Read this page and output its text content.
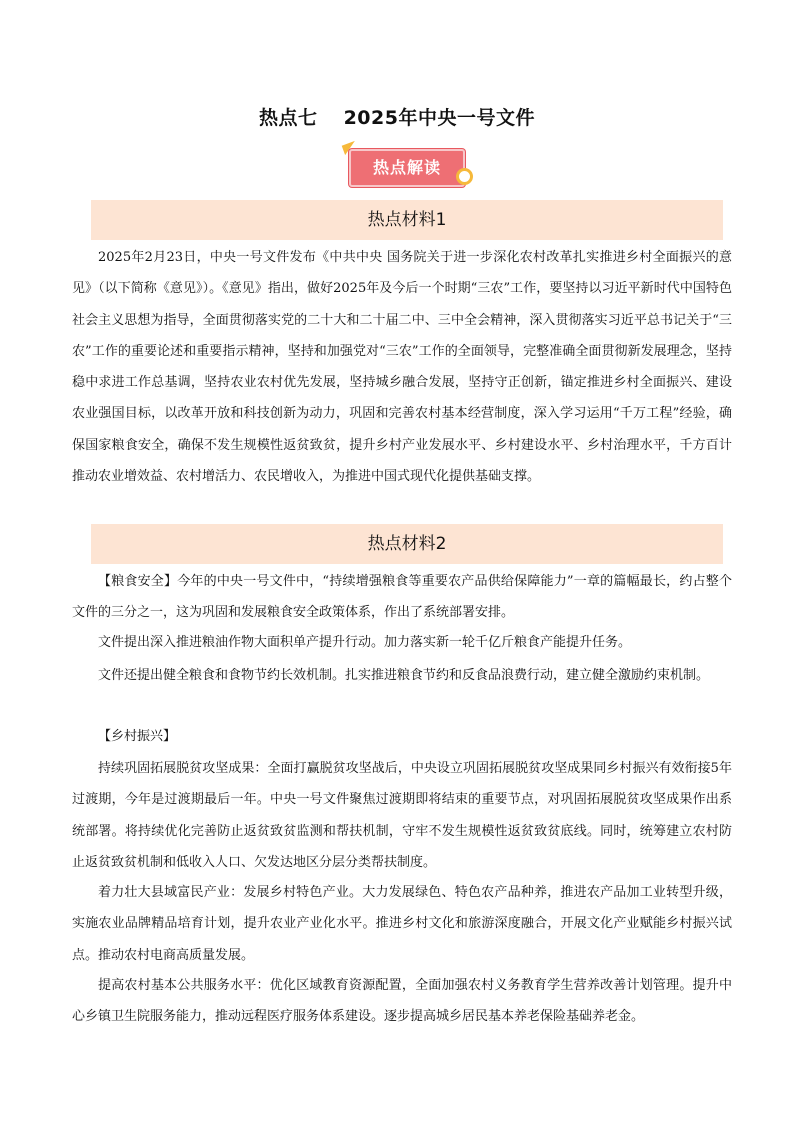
热点七 2025年中央一号文件
热点解读
热点材料1
2025年2月23日，中央一号文件发布《中共中央 国务院关于进一步深化农村改革扎实推进乡村全面振兴的意见》（以下简称《意见》）。《意见》指出，做好2025年及今后一个时期“三农”工作，要坚持以习近平新时代中国特色社会主义思想为指导，全面贯彻落实党的二十大和二十届二中、三中全会精神，深入贯彻落实习近平总书记关于“三农”工作的重要论述和重要指示精神，坚持和加强党对“三农”工作的全面领导，完整准确全面贯彻新发展理念，坚持稳中求进工作总基调，坚持农业农村优先发展，坚持城乡融合发展，坚持守正创新，锚定推进乡村全面振兴、建设农业强国目标，以改革开放和科技创新为动力，巩固和完善农村基本经营制度，深入学习运用“千万工程”经验，确保国家粮食安全，确保不发生规模性返贫致贫，提升乡村产业发展水平、乡村建设水平、乡村治理水平，千方百计推动农业增效益、农村增活力、农民增收入，为推进中国式现代化提供基础支撑。
热点材料2
【粮食安全】今年的中央一号文件中，“持续增强粮食等重要农产品供给保障能力”一章的篇幅最长，约占整个文件的三分之一，这为巩固和发展粮食安全政策体系，作出了系统部署安排。
文件提出深入推进粮油作物大面积单产提升行动。加力落实新一轮千亿斤粮食产能提升任务。
文件还提出健全粮食和食物节约长效机制。扎实推进粮食节约和反食品浪费行动，建立健全激励约束机制。
【乡村振兴】
持续巩固拓展脱贫攻坚成果：全面打赢脱贫攻坚战后，中央设立巩固拓展脱贫攻坚成果同乡村振兴有效衔接5年过渡期，今年是过渡期最后一年。中央一号文件聚焦过渡期即将结束的重要节点，对巩固拓展脱贫攻坚成果作出系统部署。将持续优化完善防止返贫致贫监测和帮扶机制，守牢不发生规模性返贫致贫底线。同时，统筹建立农村防止返贫致贫机制和低收入人口、欠发达地区分层分类帮扶制度。
着力壮大县域富民产业：发展乡村特色产业。大力发展绿色、特色农产品种养，推进农产品加工业转型升级，实施农业品牌精品培育计划，提升农业产业化水平。推进乡村文化和旅游深度融合，开展文化产业赋能乡村振兴试点。推动农村电商高质量发展。
提高农村基本公共服务水平：优化区域教育资源配置，全面加强农村义务教育学生营养改善计划管理。提升中心乡镇卫生院服务能力，推动远程医疗服务体系建设。逐步提高城乡居民基本养老保险基础养老金。
